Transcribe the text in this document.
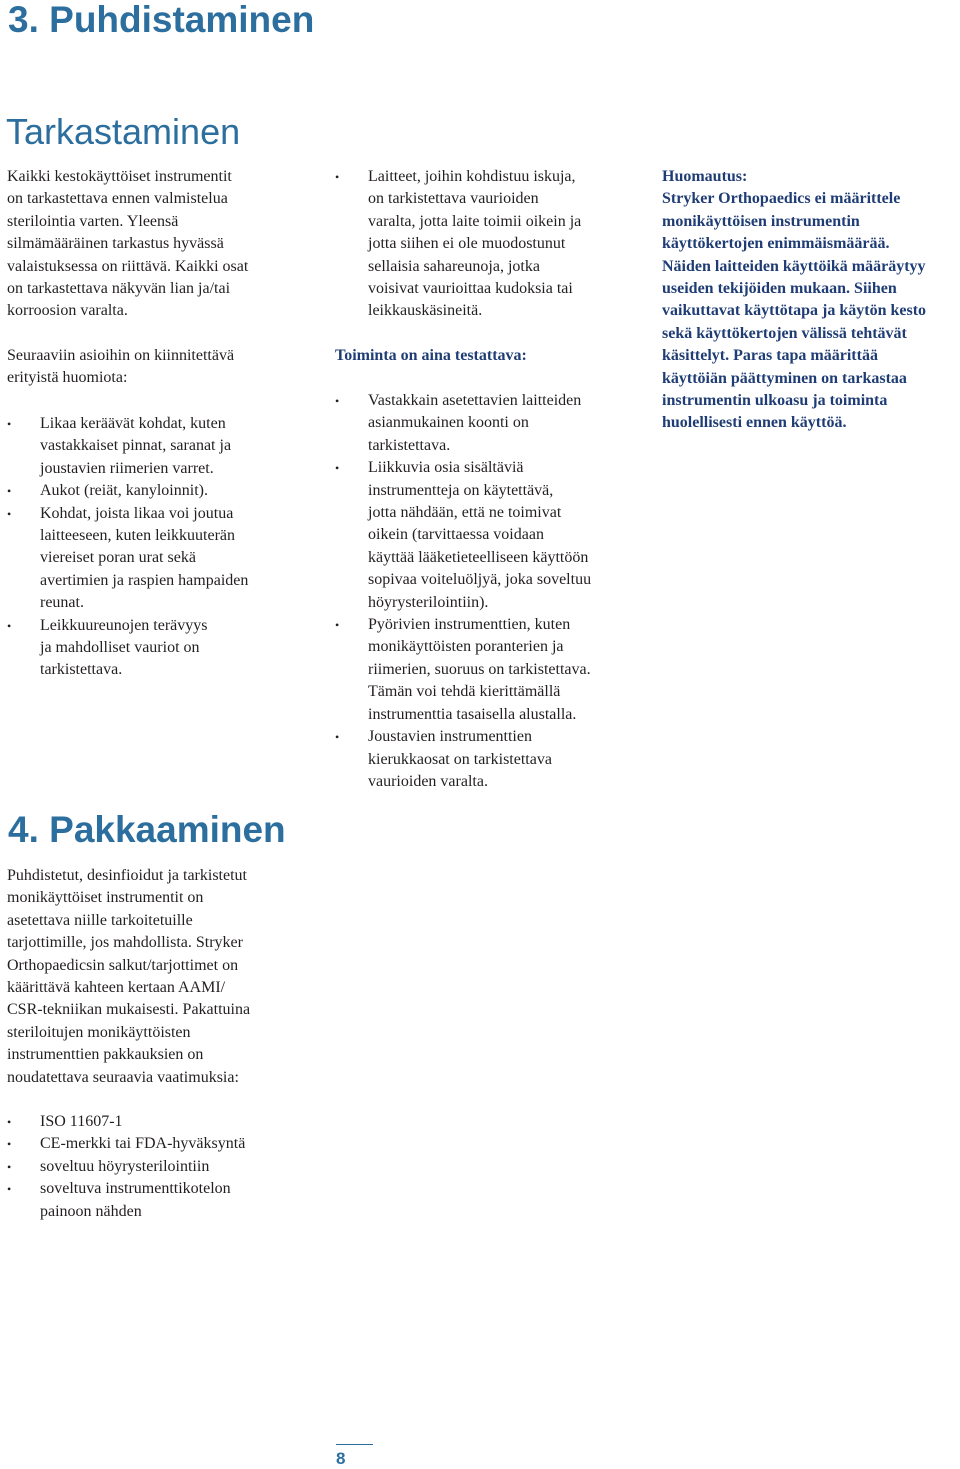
3. Puhdistaminen
Tarkastaminen

Kaikki kestokäyttöiset instrumentit
on tarkastettava ennen valmistelua
sterilointia varten. Yleensä
silmämääräinen tarkastus hyvässä
valaistuksessa on riittävä. Kaikki osat
on tarkastettava näkyvän lian ja/tai
korroosion varalta.

Seuraaviin asioihin on kiinnitettävä
erityistä huomiota:

• Likaa keräävät kohdat, kuten
vastakkaiset pinnat, saranat ja
joustavien riimerien varret.
• Aukot (reiät, kanyloinnit).
• Kohdat, joista likaa voi joutua
laitteeseen, kuten leikkuuterän
viereiset poran urat sekä
avertimien ja raspien hampaiden
reunat.
• Leikkuureunojen terävyys
ja mahdolliset vauriot on
tarkistettava.
• Laitteet, joihin kohdistuu iskuja,
on tarkistettava vaurioiden
varalta, jotta laite toimii oikein ja
jotta siihen ei ole muodostunut
sellaisia sahareunoja, jotka
voisivat vaurioittaa kudoksia tai
leikkauskäsineitä.

Toiminta on aina testattava:

• Vastakkain asetettavien laitteiden
asianmukainen koonti on
tarkistettava.
• Liikkuvia osia sisältäviä
instrumentteja on käytettävä,
jotta nähdään, että ne toimivat
oikein (tarvittaessa voidaan
käyttää lääketieteelliseen käyttöön
sopivaa voiteluöljyä, joka soveltuu
höyrysterilointiin).
• Pyörivien instrumenttien, kuten
monikäyttöisten poranterien ja
riimerien, suoruus on tarkistettava.
Tämän voi tehdä kierittämällä
instrumenttia tasaisella alustalla.
• Joustavien instrumenttien
kierukkaosat on tarkistettava
vaurioiden varalta.
Huomautus:
Stryker Orthopaedics ei määrittele
monikäyttöisen instrumentin
käyttökertojen enimmäismäärää.
Näiden laitteiden käyttöikä määräytyy
useiden tekijöiden mukaan. Siihen
vaikuttavat käyttötapa ja käytön kesto
sekä käyttökertojen välissä tehtävät
käsittelyt. Paras tapa määrittää
käyttöiän päättyminen on tarkastaa
instrumentin ulkoasu ja toiminta
huolellisesti ennen käyttöä.
4. Pakkaaminen

Puhdistetut, desinfioidut ja tarkistetut
monikäyttöiset instrumentit on
asetettava niille tarkoitetuille
tarjottimille, jos mahdollista. Stryker
Orthopaedicsin salkut/tarjottimet on
käärittävä kahteen kertaan AAMI/
CSR-tekniikan mukaisesti. Pakattuina
steriloitujen monikäyttöisten
instrumenttien pakkauksien on
noudatettava seuraavia vaatimuksia:

• ISO 11607-1
• CE-merkki tai FDA-hyväksyntä
• soveltuu höyrysterilointiin
• soveltuva instrumenttikotelon
painoon nähden
8
